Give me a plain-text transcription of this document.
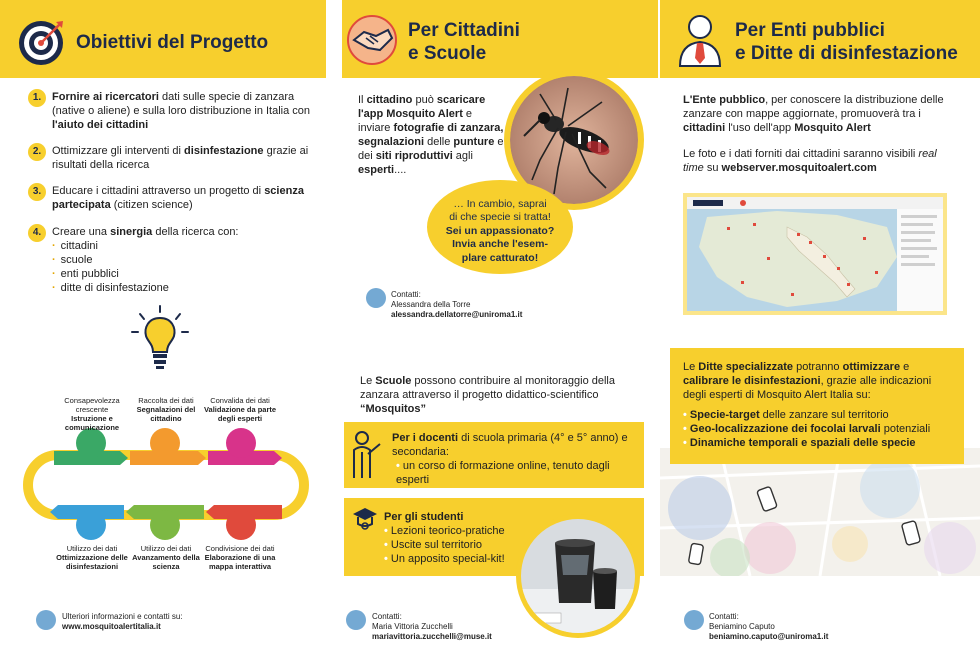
Obiettivi del Progetto
Per Cittadini
e Scuole
Per Enti pubblici
e Ditte di disinfestazione
1. Fornire ai ricercatori dati sulle specie di zanzara (native o aliene) e sulla loro distribuzione in Italia con l'aiuto dei cittadini
2. Ottimizzare gli interventi di disinfestazione grazie ai risultati della ricerca
3. Educare i cittadini attraverso un progetto di scienza partecipata (citizen science)
4. Creare una sinergia della ricerca con:
· cittadini
· scuole
· enti pubblici
· ditte di disinfestazione
Consapevolezza crescente
Istruzione e comunicazione
Raccolta dei dati
Segnalazioni del cittadino
Convalida dei dati
Validazione da parte degli esperti
Utilizzo dei dati
Ottimizzazione delle disinfestazioni
Utilizzo dei dati
Avanzamento della scienza
Condivisione dei dati
Elaborazione di una mappa interattiva
Ulteriori informazioni e contatti su:
www.mosquitoalertitalia.it
Il cittadino può scaricare l'app Mosquito Alert e inviare fotografie di zanzara, segnalazioni delle punture e dei siti riproduttivi agli esperti....
… In cambio, saprai
di che specie si tratta!
Sei un appassionato?
Invia anche l'esem-
plare catturato!
Contatti:
Alessandra della Torre
alessandra.dellatorre@uniroma1.it
Le Scuole possono contribuire al monitoraggio della zanzara attraverso il progetto didattico-scientifico
“Mosquitos”
Per i docenti di scuola primaria (4° e 5° anno) e secondaria:
• un corso di formazione online, tenuto dagli esperti
Per gli studenti
• Lezioni teorico-pratiche
• Uscite sul territorio
• Un apposito special-kit!
Contatti:
Maria Vittoria Zucchelli
mariavittoria.zucchelli@muse.it
L'Ente pubblico, per conoscere la distribuzione delle zanzare con mappe aggiornate, promuoverà tra i cittadini l'uso dell'app Mosquito Alert
Le foto e i dati forniti dai cittadini saranno visibili real time su webserver.mosquitoalert.com
Le Ditte specializzate potranno ottimizzare e calibrare le disinfestazioni, grazie alle indicazioni degli esperti di Mosquito Alert Italia su:
• Specie-target delle zanzare sul territorio
• Geo-localizzazione dei focolai larvali potenziali
• Dinamiche temporali e spaziali delle specie
Contatti:
Beniamino Caputo
beniamino.caputo@uniroma1.it
